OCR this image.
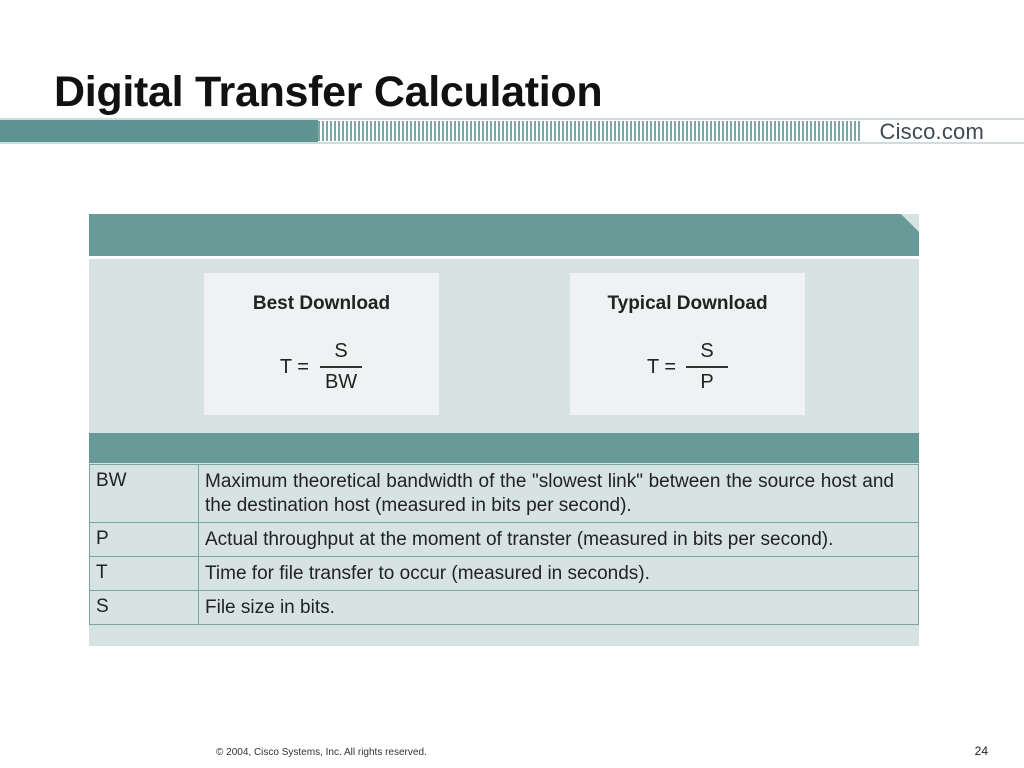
Digital Transfer Calculation
Cisco.com
Best Download
$T = \frac{S}{BW}$
Typical Download
$T = \frac{S}{P}$
BW	Maximum theoretical bandwidth of the "slowest link" between the source host and the destination host (measured in bits per second).
P	Actual throughput at the moment of transter (measured in bits per second).
T	Time for file transfer to occur (measured in seconds).
S	File size in bits.
© 2004, Cisco Systems, Inc. All rights reserved.	24
